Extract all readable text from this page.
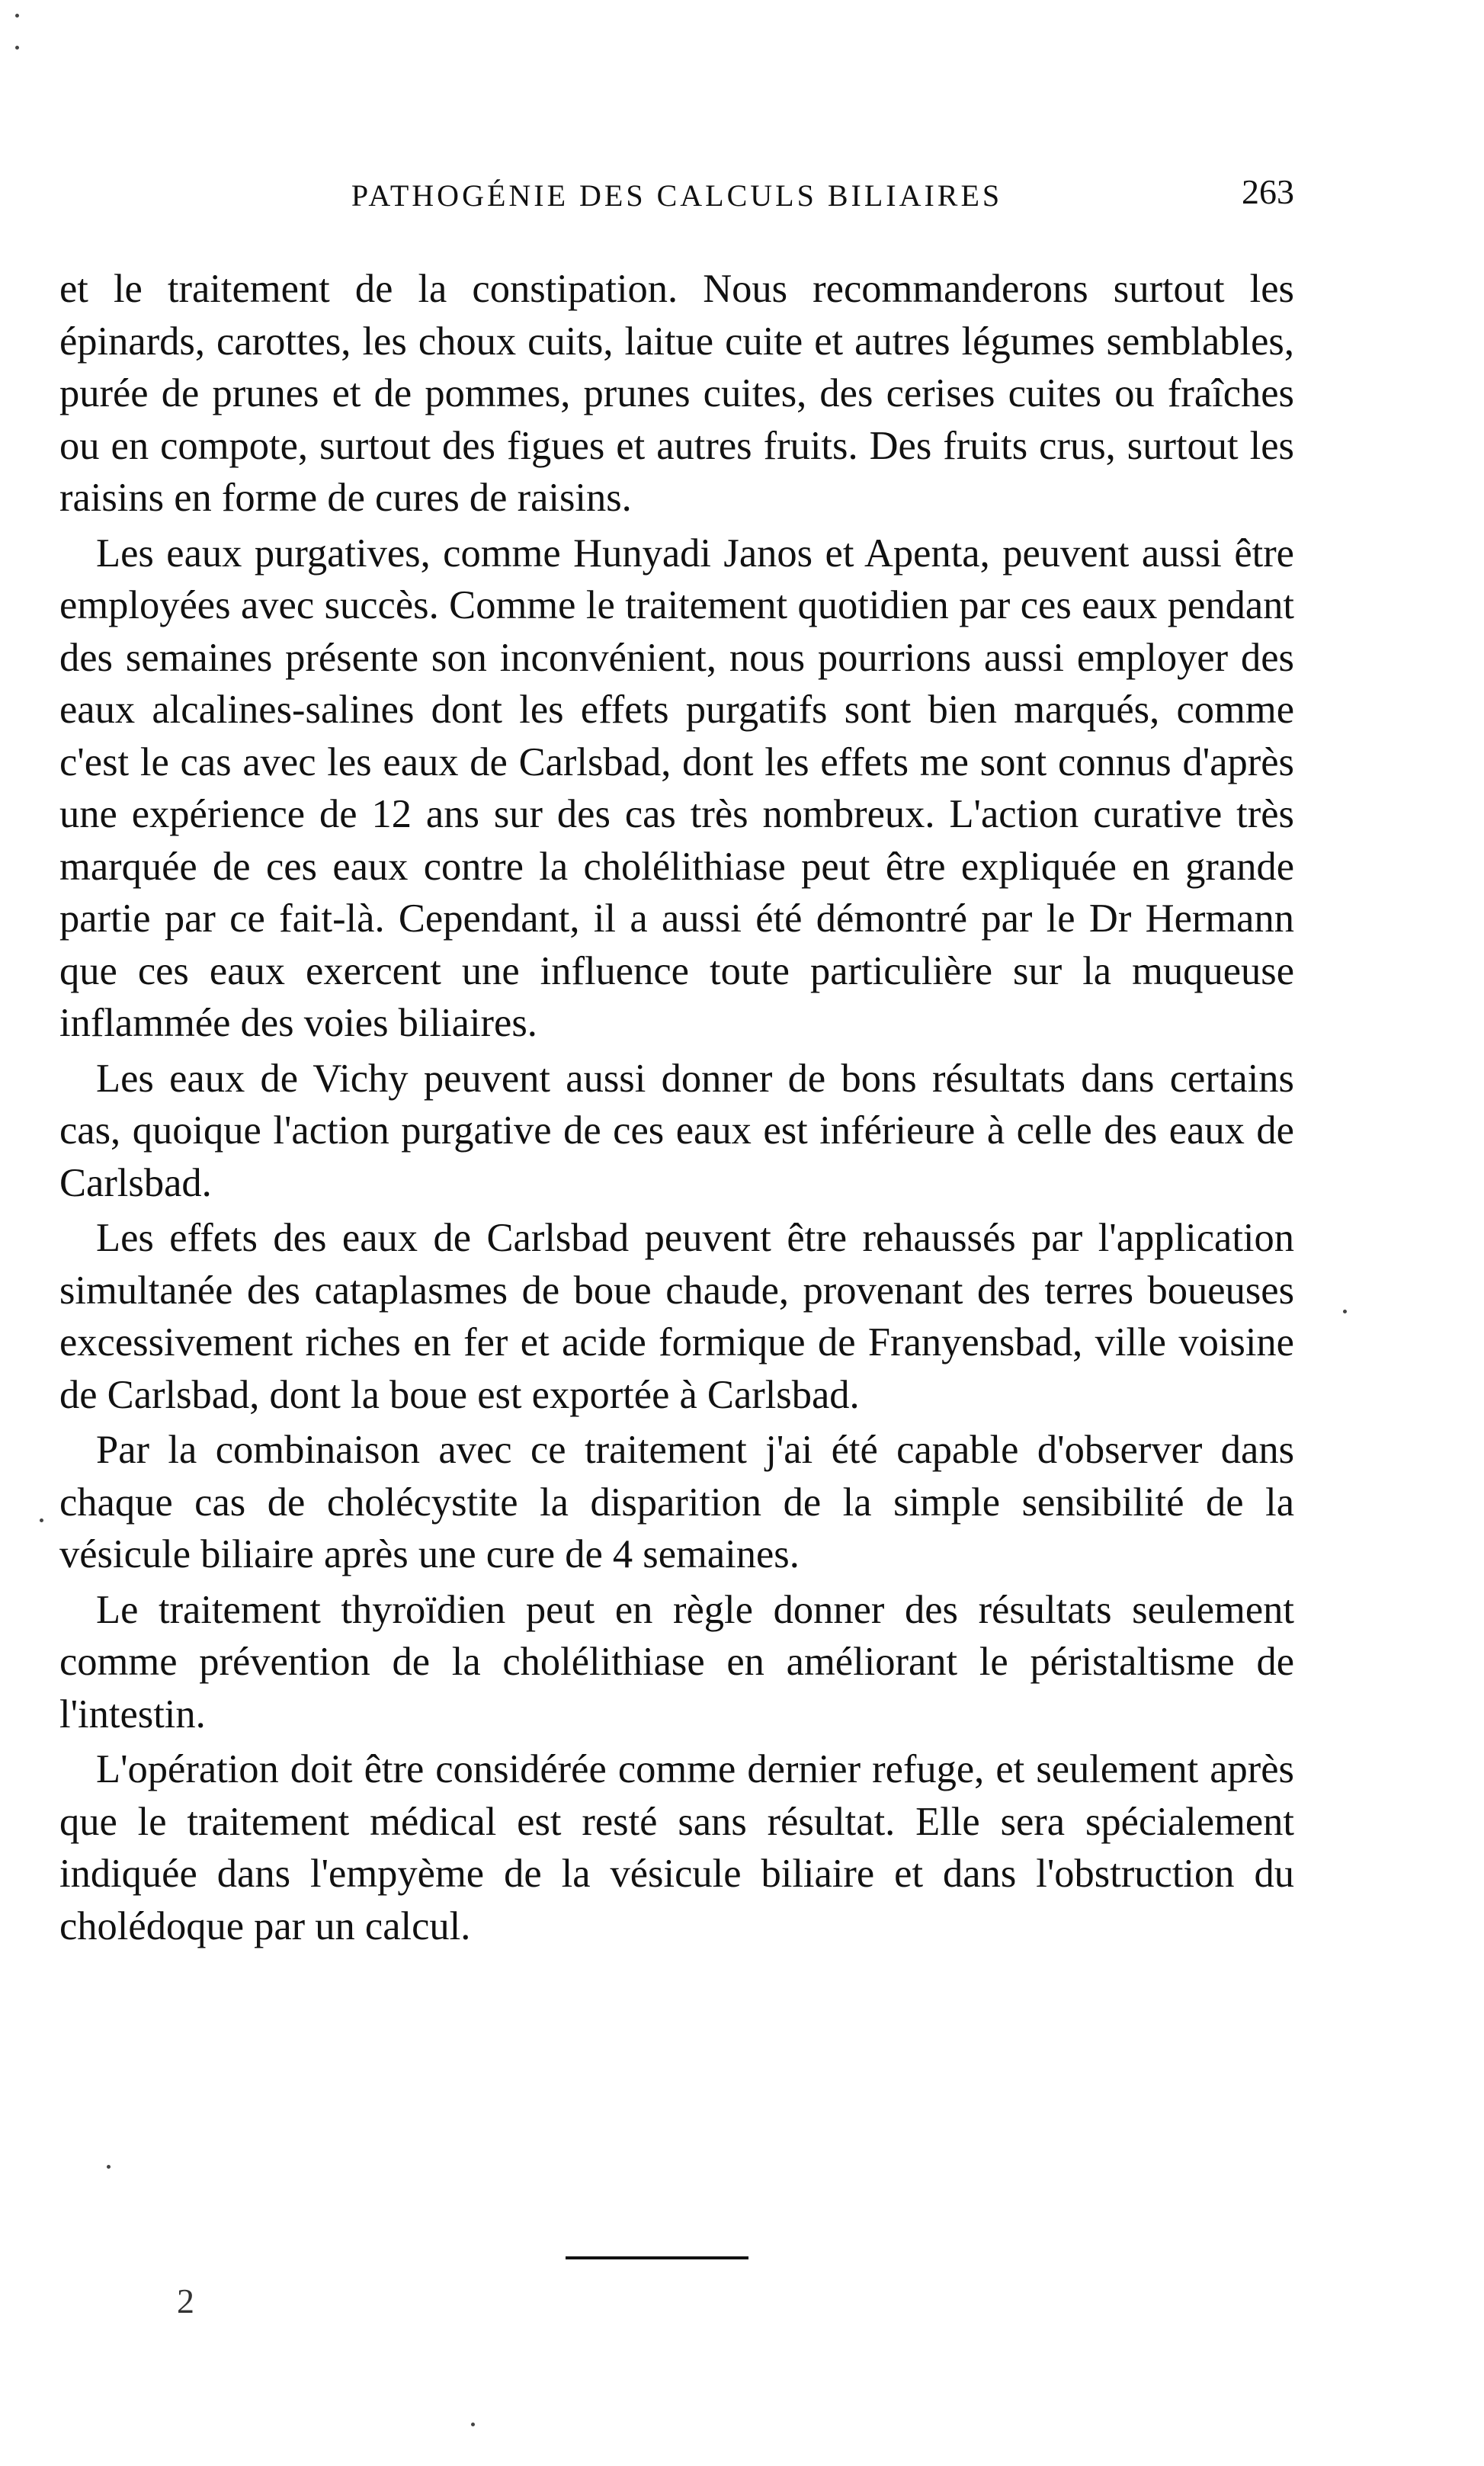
PATHOGÉNIE DES CALCULS BILIAIRES	263

et le traitement de la constipation. Nous recommanderons surtout les épinards, carottes, les choux cuits, laitue cuite et autres légumes semblables, purée de prunes et de pommes, prunes cuites, des cerises cuites ou fraîches ou en compote, surtout des figues et autres fruits. Des fruits crus, surtout les raisins en forme de cures de raisins.

Les eaux purgatives, comme Hunyadi Janos et Apenta, peuvent aussi être employées avec succès. Comme le traitement quotidien par ces eaux pendant des semaines présente son inconvénient, nous pourrions aussi employer des eaux alcalines-salines dont les effets purgatifs sont bien marqués, comme c'est le cas avec les eaux de Carlsbad, dont les effets me sont connus d'après une expérience de 12 ans sur des cas très nombreux. L'action curative très marquée de ces eaux contre la cholélithiase peut être expliquée en grande partie par ce fait-là. Cependant, il a aussi été démontré par le Dr Hermann que ces eaux exercent une influence toute particulière sur la muqueuse inflammée des voies biliaires.

Les eaux de Vichy peuvent aussi donner de bons résultats dans certains cas, quoique l'action purgative de ces eaux est inférieure à celle des eaux de Carlsbad.

Les effets des eaux de Carlsbad peuvent être rehaussés par l'application simultanée des cataplasmes de boue chaude, provenant des terres boueuses excessivement riches en fer et acide formique de Franyensbad, ville voisine de Carlsbad, dont la boue est exportée à Carlsbad.

Par la combinaison avec ce traitement j'ai été capable d'observer dans chaque cas de cholécystite la disparition de la simple sensibilité de la vésicule biliaire après une cure de 4 semaines.

Le traitement thyroïdien peut en règle donner des résultats seulement comme prévention de la cholélithiase en améliorant le péristaltisme de l'intestin.

L'opération doit être considérée comme dernier refuge, et seulement après que le traitement médical est resté sans résultat. Elle sera spécialement indiquée dans l'empyème de la vésicule biliaire et dans l'obstruction du cholédoque par un calcul.

2
